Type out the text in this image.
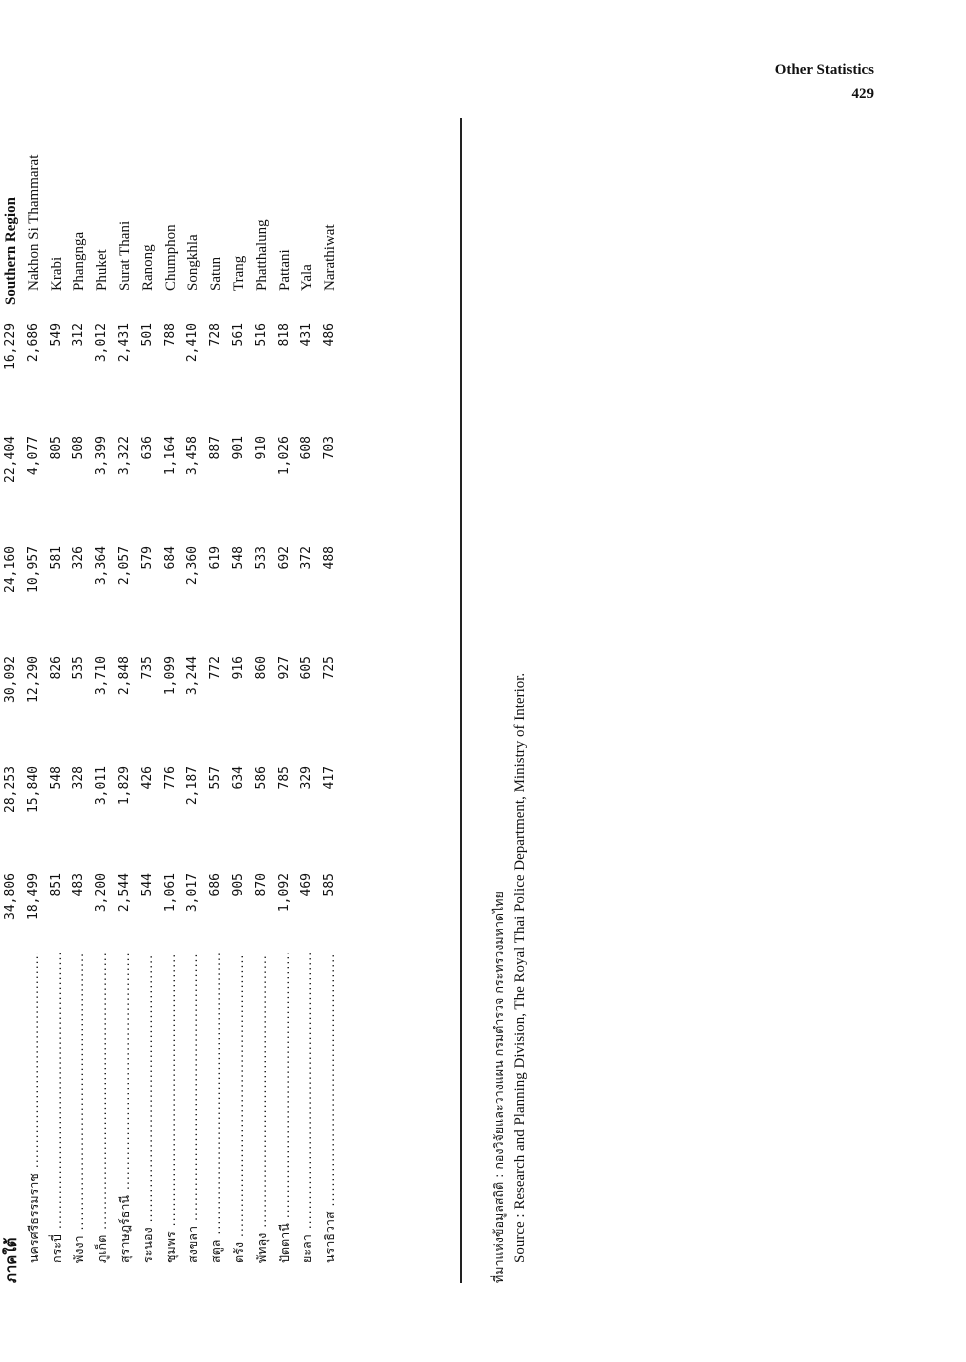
Other Statistics
429
ภาคใต้
34,806
28,253
30,092
24,160
22,404
16,229
Southern Region
นครศรีธรรมราช .....
18,499
15,840
12,290
10,957
4,077
2,686
Nakhon Si Thammarat
กระบี่ .....
851
548
826
581
805
549
Krabi
พังงา .....
483
328
535
326
508
312
Phangnga
ภูเก็ต .....
3,200
3,011
3,710
3,364
3,399
3,012
Phuket
สุราษฎร์ธานี .....
2,544
1,829
2,848
2,057
3,322
2,431
Surat Thani
ระนอง .....
544
426
735
579
636
501
Ranong
ชุมพร .....
1,061
776
1,099
684
1,164
788
Chumphon
สงขลา .....
3,017
2,187
3,244
2,360
3,458
2,410
Songkhla
สตูล .....
686
557
772
619
887
728
Satun
ตรัง .....
905
634
916
548
901
561
Trang
พัทลุง .....
870
586
860
533
910
516
Phatthalung
ปัตตานี .....
1,092
785
927
692
1,026
818
Pattani
ยะลา .....
469
329
605
372
608
431
Yala
นราธิวาส .....
585
417
725
488
703
486
Narathiwat
ที่มาแห่งข้อมูลสถิติ : กองวิจัยและวางแผน กรมตำรวจ กระทรวงมหาดไทย Source : Research and Planning Division, The Royal Thai Police Department, Ministry of Interior.
